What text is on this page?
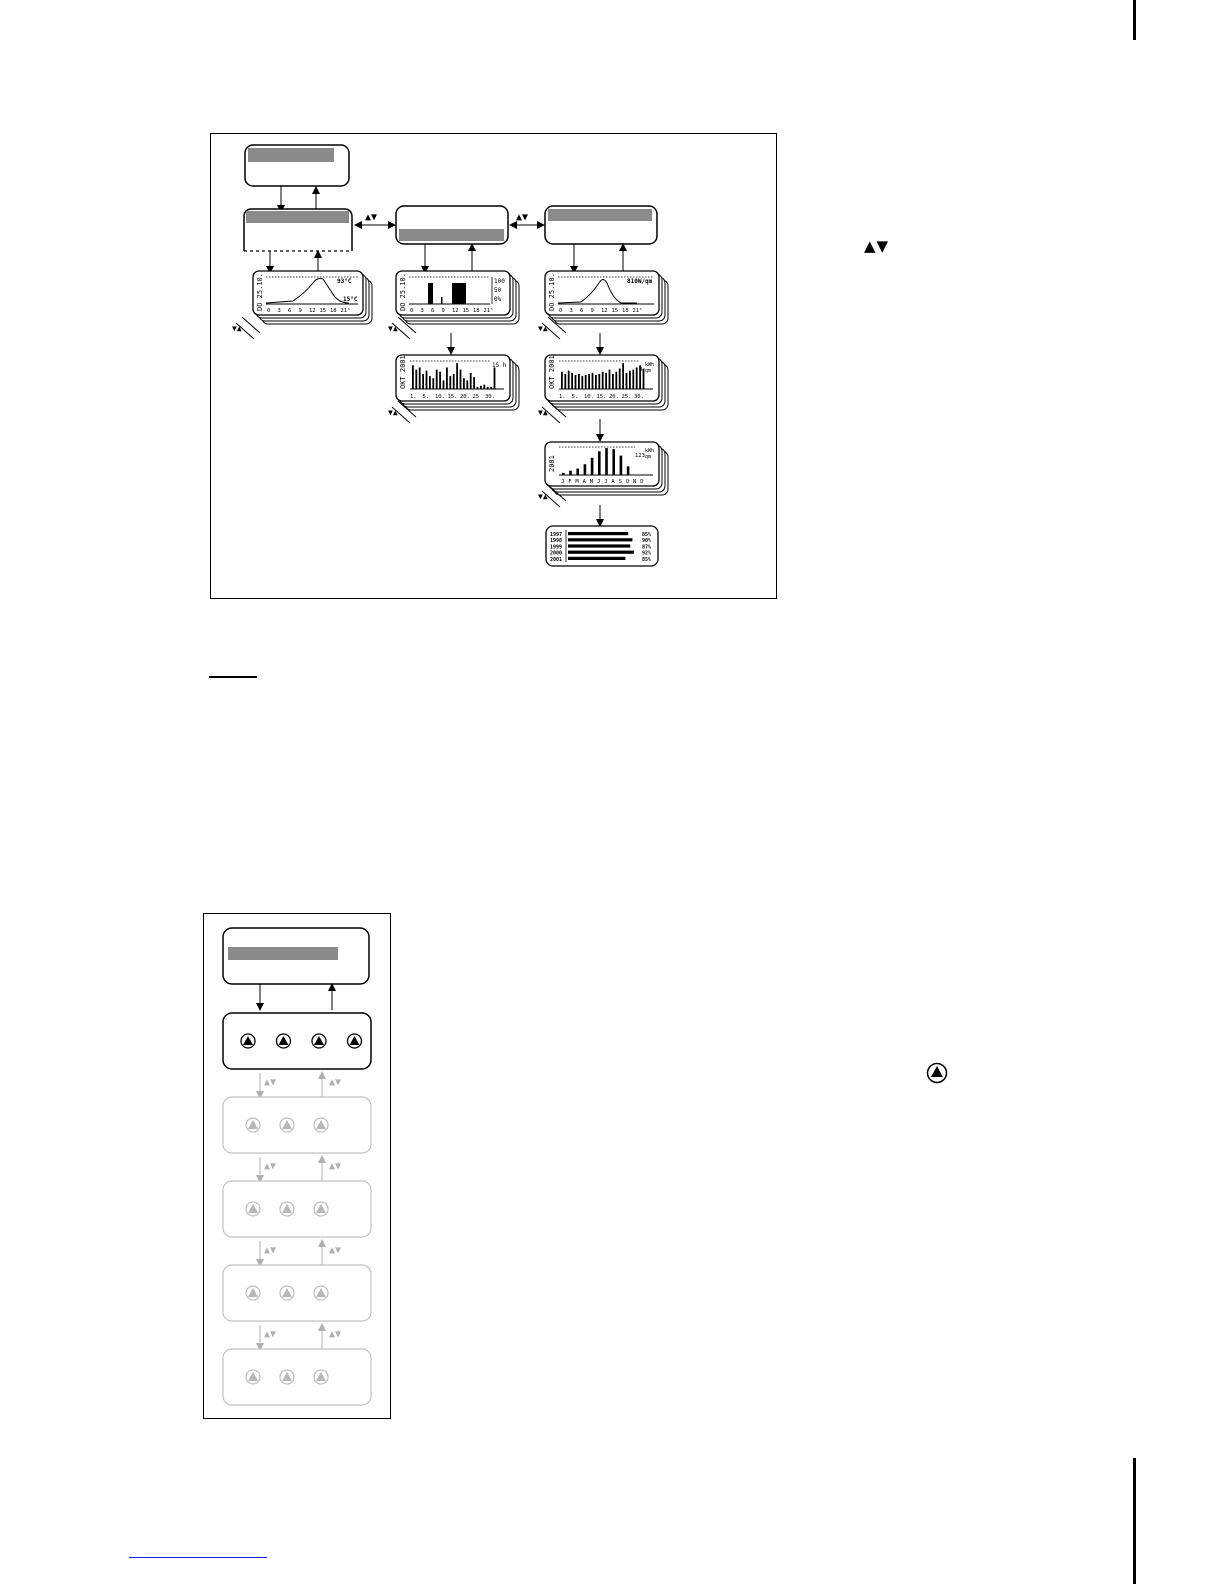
▲▼	▲▼
DO 25.10.	93°C
15°C
0 3 6 9 12 15 18 21ʰ	DO 25.10.	100
50
0%
0 3 6 9 12 15 18 21ʰ	DO 25.10.	810W/qm
0 3 6 9 12 15 18 21ʰ
OKT 2001
1. 5. 10. 15. 20. 25 30.
15 h	OKT 2001
1. 5. 10. 15. 20. 25. 30.
kWh
qm
4
2001
J F M A M J J A S O N D
kWh
qm
123
1997	85%
1998	90%
1999	87%
2000	92%
2001	85%
▼▲	▼▲	▼▲
▼▲	▼▲
▼▲
▲▼
▲▼	▲▼
▲▼	▲▼
▲▼	▲▼
▲▼	▲▼
